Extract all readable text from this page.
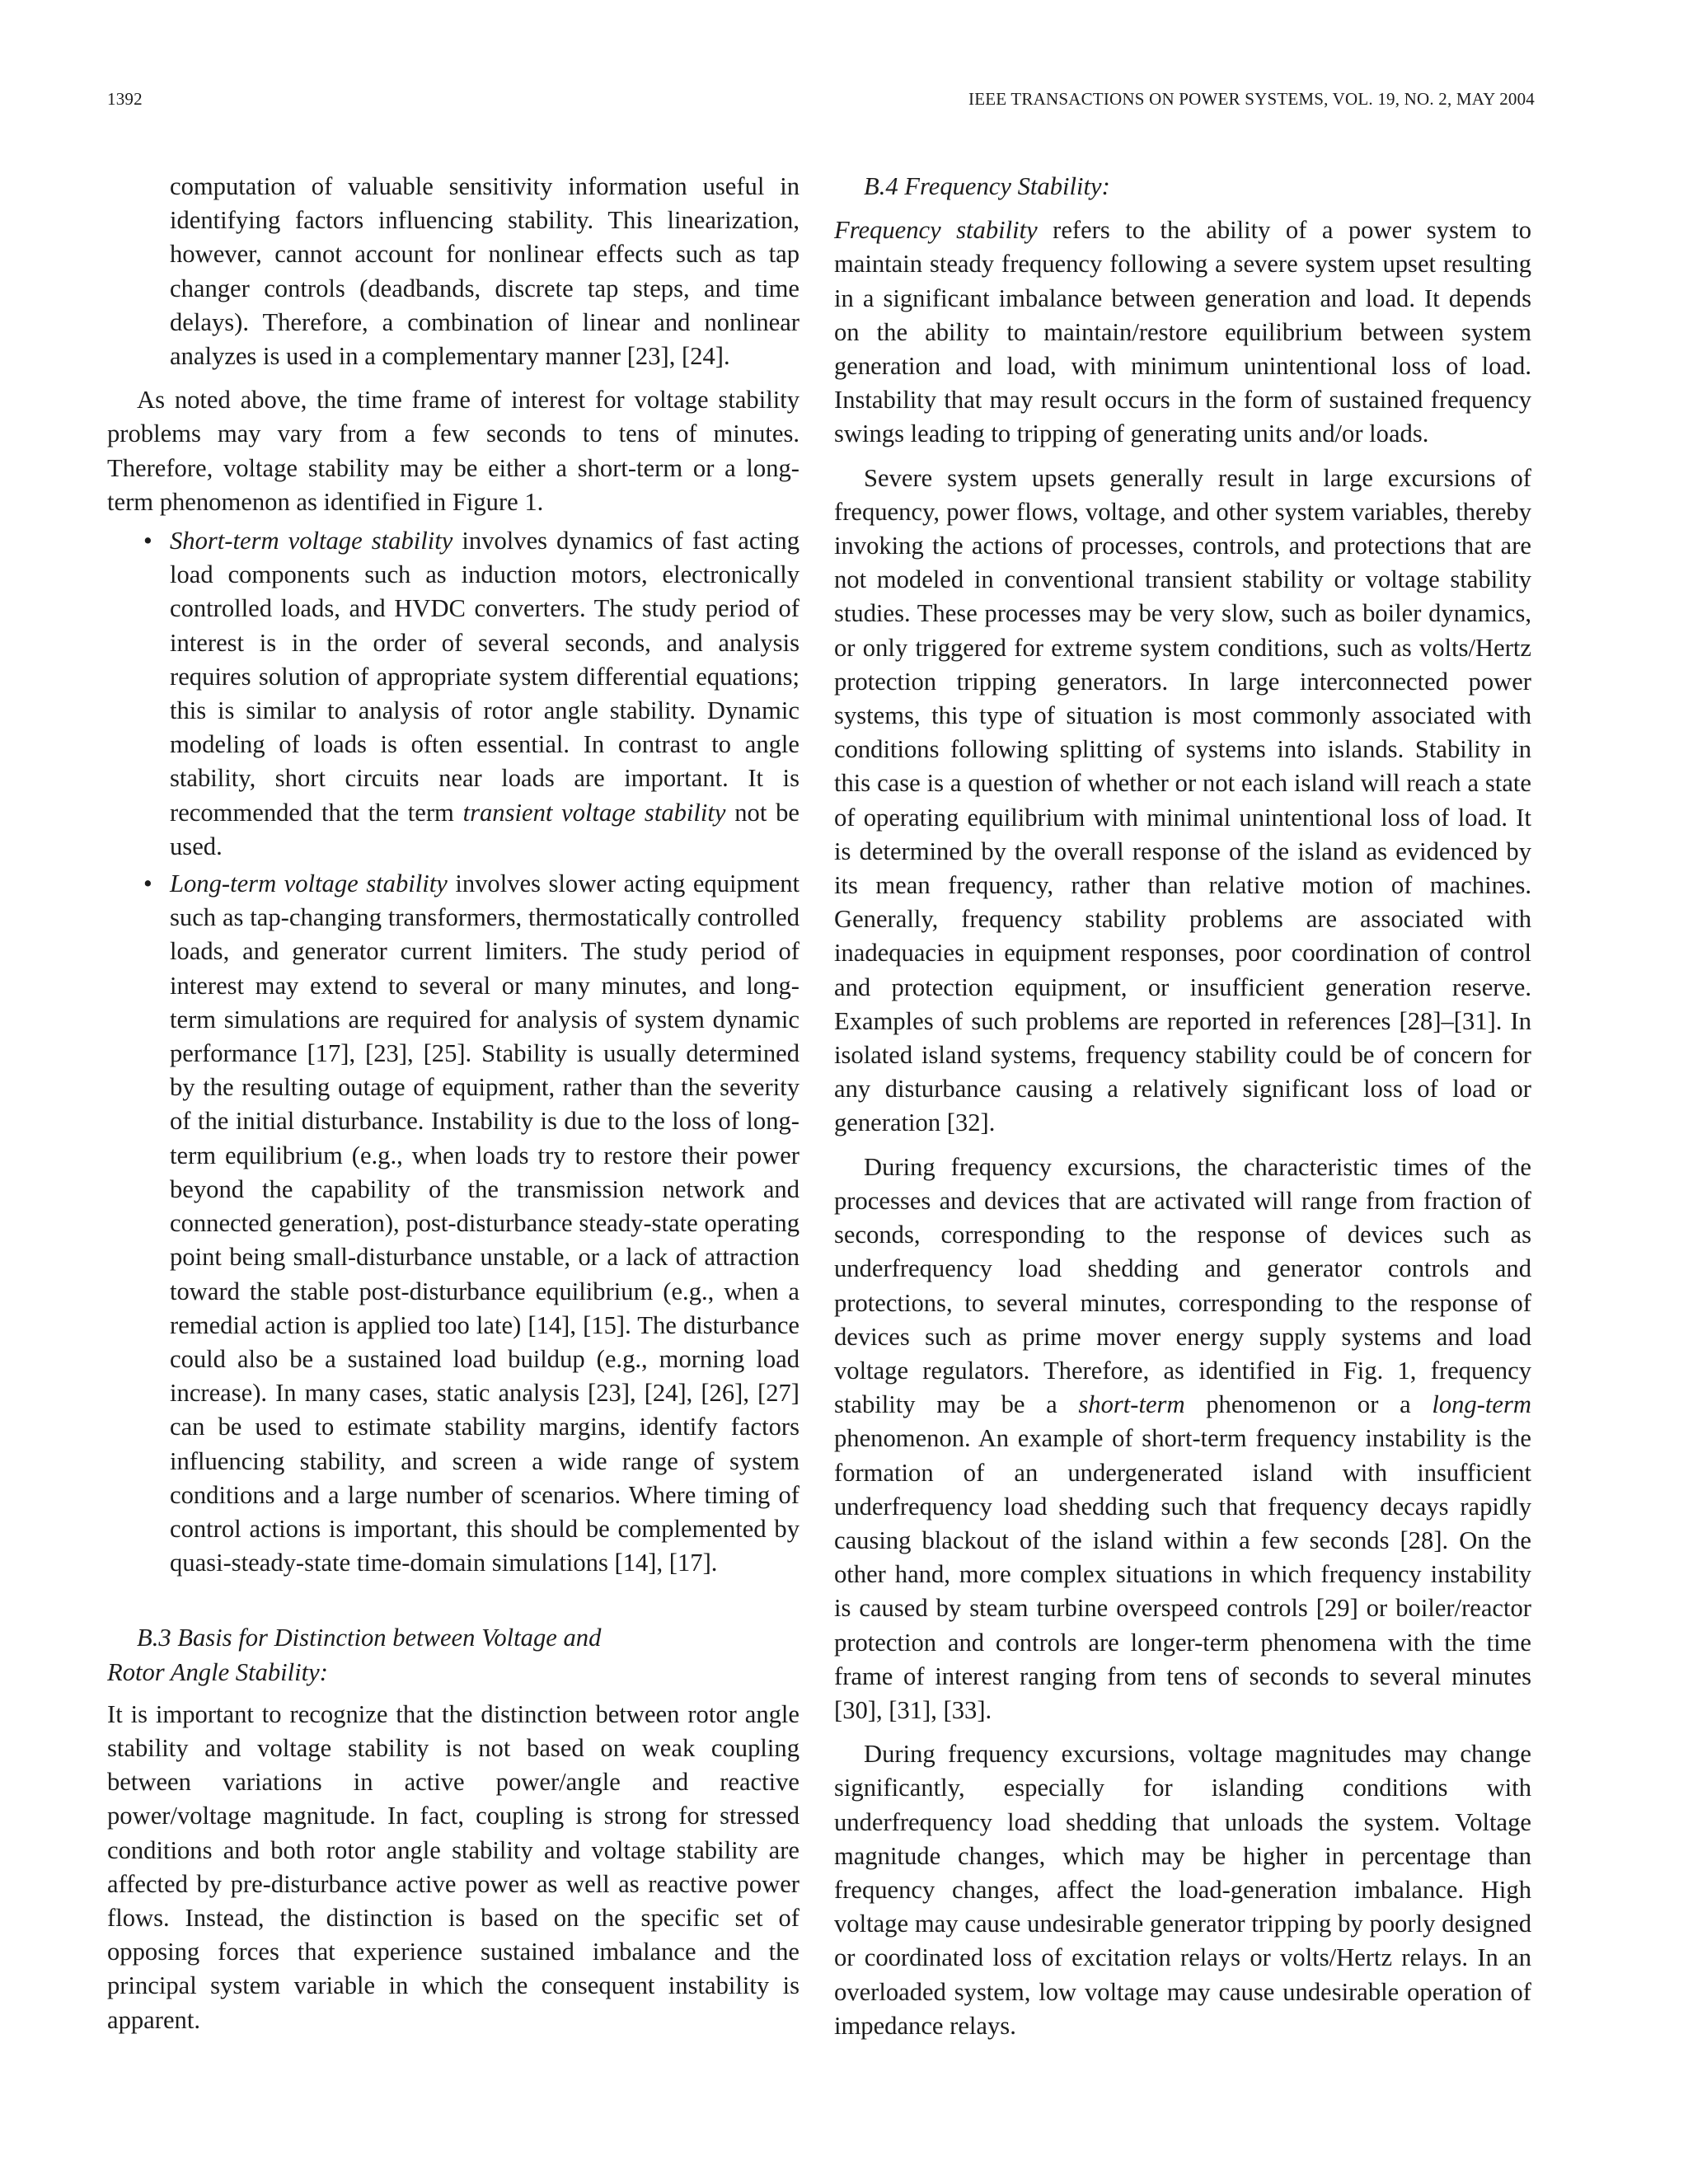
1392	IEEE TRANSACTIONS ON POWER SYSTEMS, VOL. 19, NO. 2, MAY 2004

computation of valuable sensitivity information useful in identifying factors influencing stability. This linearization, however, cannot account for nonlinear effects such as tap changer controls (deadbands, discrete tap steps, and time delays). Therefore, a combination of linear and nonlinear analyzes is used in a complementary manner [23], [24].

As noted above, the time frame of interest for voltage stability problems may vary from a few seconds to tens of minutes. Therefore, voltage stability may be either a short-term or a long-term phenomenon as identified in Figure 1.

• Short-term voltage stability involves dynamics of fast acting load components such as induction motors, electronically controlled loads, and HVDC converters. The study period of interest is in the order of several seconds, and analysis requires solution of appropriate system differential equations; this is similar to analysis of rotor angle stability. Dynamic modeling of loads is often essential. In contrast to angle stability, short circuits near loads are important. It is recommended that the term transient voltage stability not be used.
• Long-term voltage stability involves slower acting equipment such as tap-changing transformers, thermostatically controlled loads, and generator current limiters. The study period of interest may extend to several or many minutes, and long-term simulations are required for analysis of system dynamic performance [17], [23], [25]. Stability is usually determined by the resulting outage of equipment, rather than the severity of the initial disturbance. Instability is due to the loss of long-term equilibrium (e.g., when loads try to restore their power beyond the capability of the transmission network and connected generation), post-disturbance steady-state operating point being small-disturbance unstable, or a lack of attraction toward the stable post-disturbance equilibrium (e.g., when a remedial action is applied too late) [14], [15]. The disturbance could also be a sustained load buildup (e.g., morning load increase). In many cases, static analysis [23], [24], [26], [27] can be used to estimate stability margins, identify factors influencing stability, and screen a wide range of system conditions and a large number of scenarios. Where timing of control actions is important, this should be complemented by quasi-steady-state time-domain simulations [14], [17].
B.3 Basis for Distinction between Voltage and
Rotor Angle Stability:

It is important to recognize that the distinction between rotor angle stability and voltage stability is not based on weak coupling between variations in active power/angle and reactive power/voltage magnitude. In fact, coupling is strong for stressed conditions and both rotor angle stability and voltage stability are affected by pre-disturbance active power as well as reactive power flows. Instead, the distinction is based on the specific set of opposing forces that experience sustained imbalance and the principal system variable in which the consequent instability is apparent.

B.4 Frequency Stability:

Frequency stability refers to the ability of a power system to maintain steady frequency following a severe system upset resulting in a significant imbalance between generation and load. It depends on the ability to maintain/restore equilibrium between system generation and load, with minimum unintentional loss of load. Instability that may result occurs in the form of sustained frequency swings leading to tripping of generating units and/or loads.

Severe system upsets generally result in large excursions of frequency, power flows, voltage, and other system variables, thereby invoking the actions of processes, controls, and protections that are not modeled in conventional transient stability or voltage stability studies. These processes may be very slow, such as boiler dynamics, or only triggered for extreme system conditions, such as volts/Hertz protection tripping generators. In large interconnected power systems, this type of situation is most commonly associated with conditions following splitting of systems into islands. Stability in this case is a question of whether or not each island will reach a state of operating equilibrium with minimal unintentional loss of load. It is determined by the overall response of the island as evidenced by its mean frequency, rather than relative motion of machines. Generally, frequency stability problems are associated with inadequacies in equipment responses, poor coordination of control and protection equipment, or insufficient generation reserve. Examples of such problems are reported in references [28]–[31]. In isolated island systems, frequency stability could be of concern for any disturbance causing a relatively significant loss of load or generation [32].

During frequency excursions, the characteristic times of the processes and devices that are activated will range from fraction of seconds, corresponding to the response of devices such as underfrequency load shedding and generator controls and protections, to several minutes, corresponding to the response of devices such as prime mover energy supply systems and load voltage regulators. Therefore, as identified in Fig. 1, frequency stability may be a short-term phenomenon or a long-term phenomenon. An example of short-term frequency instability is the formation of an undergenerated island with insufficient underfrequency load shedding such that frequency decays rapidly causing blackout of the island within a few seconds [28]. On the other hand, more complex situations in which frequency instability is caused by steam turbine overspeed controls [29] or boiler/reactor protection and controls are longer-term phenomena with the time frame of interest ranging from tens of seconds to several minutes [30], [31], [33].

During frequency excursions, voltage magnitudes may change significantly, especially for islanding conditions with underfrequency load shedding that unloads the system. Voltage magnitude changes, which may be higher in percentage than frequency changes, affect the load-generation imbalance. High voltage may cause undesirable generator tripping by poorly designed or coordinated loss of excitation relays or volts/Hertz relays. In an overloaded system, low voltage may cause undesirable operation of impedance relays.
